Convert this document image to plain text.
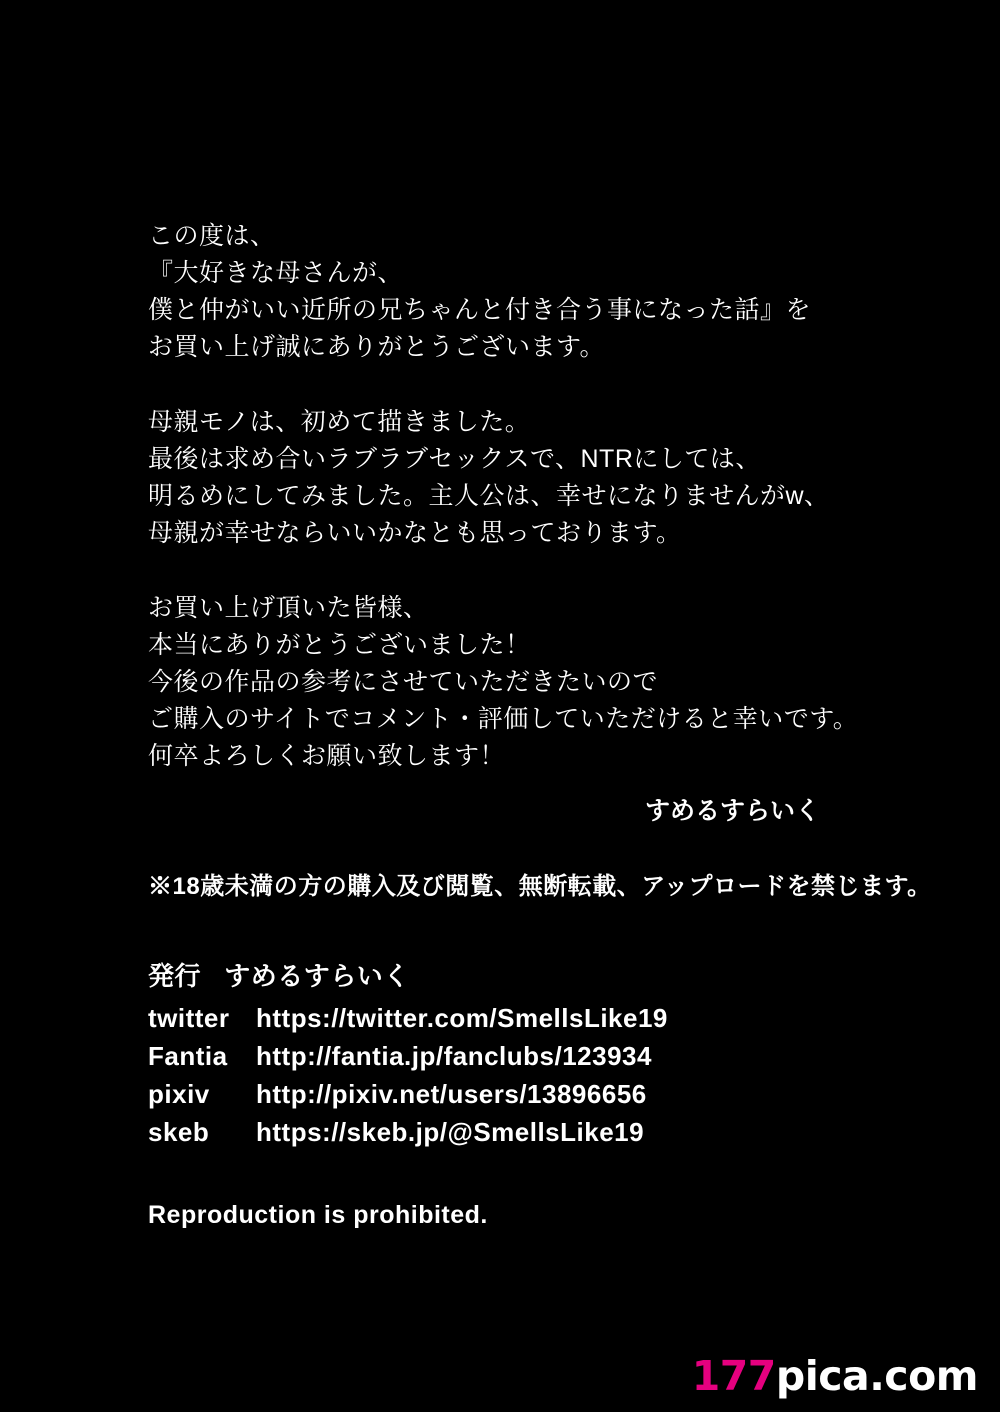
この度は、
『大好きな母さんが、
僕と仲がいい近所の兄ちゃんと付き合う事になった話』を
お買い上げ誠にありがとうございます。
母親モノは、初めて描きました。
最後は求め合いラブラブセックスで、NTRにしては、
明るめにしてみました。主人公は、幸せになりませんがw、
母親が幸せならいいかなとも思っております。
お買い上げ頂いた皆様、
本当にありがとうございました！
今後の作品の参考にさせていただきたいので
ご購入のサイトでコメント・評価していただけると幸いです。
何卒よろしくお願い致します！
すめるすらいく
※18歳未満の方の購入及び閲覧、無断転載、アップロードを禁じます。
発行 すめるすらいく
twitter https://twitter.com/SmellsLike19
Fantia http://fantia.jp/fanclubs/123934
pixiv http://pixiv.net/users/13896656
skeb https://skeb.jp/@SmellsLike19
Reproduction is prohibited.
177pica.com
